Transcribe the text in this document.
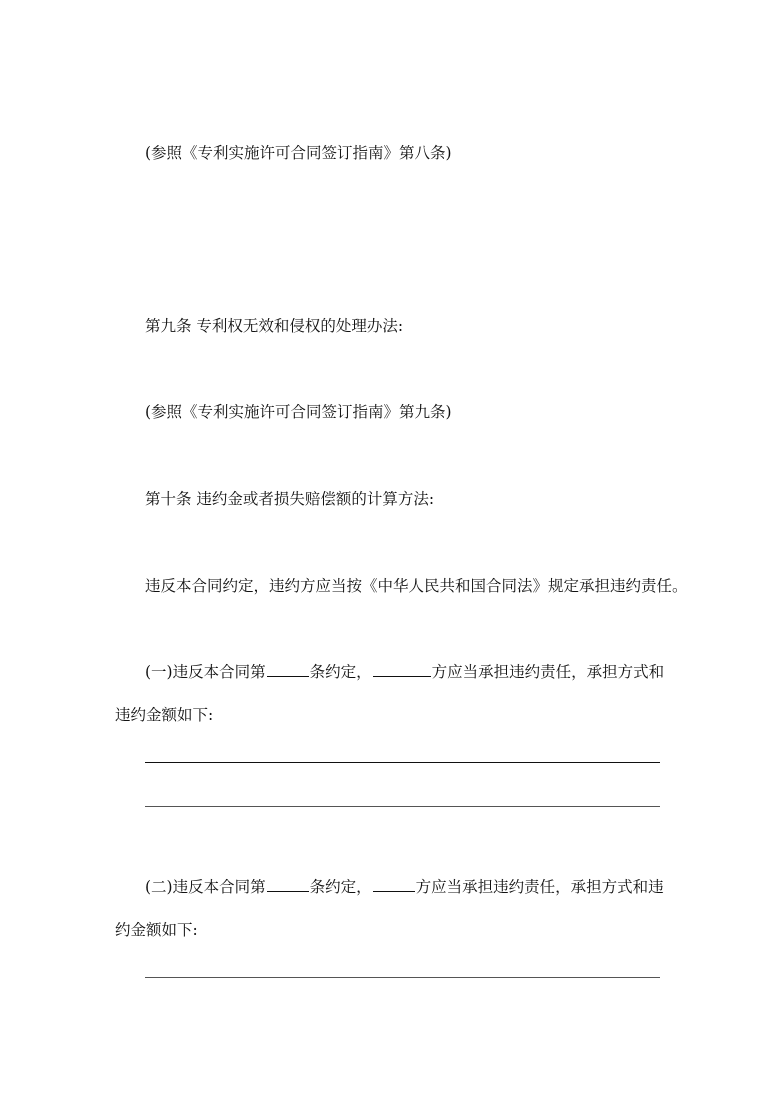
(参照《专利实施许可合同签订指南》第八条)
第九条 专利权无效和侵权的处理办法:
(参照《专利实施许可合同签订指南》第九条)
第十条 违约金或者损失赔偿额的计算方法:
违反本合同约定，违约方应当按《中华人民共和国合同法》规定承担违约责任。
(一)违反本合同第	条约定，	方应当承担违约责任，承担方式和
违约金额如下:
(二)违反本合同第	条约定，	方应当承担违约责任，承担方式和违
约金额如下:
